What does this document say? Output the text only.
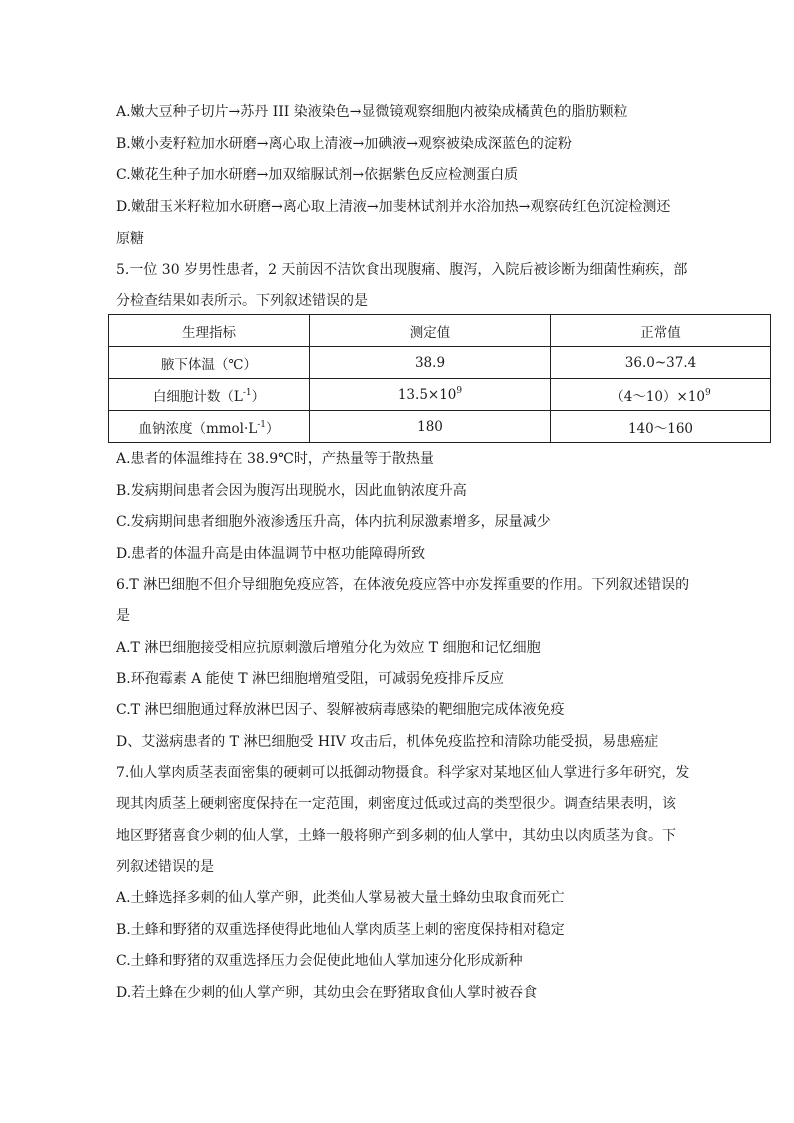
A.嫩大豆种子切片→苏丹 III 染液染色→显微镜观察细胞内被染成橘黄色的脂肪颗粒
B.嫩小麦籽粒加水研磨→离心取上清液→加碘液→观察被染成深蓝色的淀粉
C.嫩花生种子加水研磨→加双缩脲试剂→依据紫色反应检测蛋白质
D.嫩甜玉米籽粒加水研磨→离心取上清液→加斐林试剂并水浴加热→观察砖红色沉淀检测还
原糖
5.一位 30 岁男性患者，2 天前因不洁饮食出现腹痛、腹泻，入院后被诊断为细菌性痢疾，部
分检查结果如表所示。下列叙述错误的是
生理指标	测定值	正常值
腋下体温（℃）	38.9	36.0~37.4
白细胞计数$(L^{-1})$	$13.5\times 10^9$	$(4\sim 10)\times 10^9$
血钠浓度$(mmol\cdot L^{-1})$	180	140～160
A.患者的体温维持在 38.9℃时，产热量等于散热量
B.发病期间患者会因为腹泻出现脱水，因此血钠浓度升高
C.发病期间患者细胞外液渗透压升高，体内抗利尿激素增多，尿量减少
D.患者的体温升高是由体温调节中枢功能障碍所致
6.T 淋巴细胞不但介导细胞免疫应答，在体液免疫应答中亦发挥重要的作用。下列叙述错误的
是
A.T 淋巴细胞接受相应抗原刺激后增殖分化为效应 T 细胞和记忆细胞
B.环孢霉素 A 能使 T 淋巴细胞增殖受阻，可减弱免疫排斥反应
C.T 淋巴细胞通过释放淋巴因子、裂解被病毒感染的靶细胞完成体液免疫
D、艾滋病患者的 T 淋巴细胞受 HIV 攻击后，机体免疫监控和清除功能受损，易患癌症
7.仙人掌肉质茎表面密集的硬刺可以抵御动物摄食。科学家对某地区仙人掌进行多年研究，发
现其肉质茎上硬刺密度保持在一定范围，刺密度过低或过高的类型很少。调查结果表明，该
地区野猪喜食少刺的仙人掌，土蜂一般将卵产到多刺的仙人掌中，其幼虫以肉质茎为食。下
列叙述错误的是
A.土蜂选择多刺的仙人掌产卵，此类仙人掌易被大量土蜂幼虫取食而死亡
B.土蜂和野猪的双重选择使得此地仙人掌肉质茎上刺的密度保持相对稳定
C.土蜂和野猪的双重选择压力会促使此地仙人掌加速分化形成新种
D.若土蜂在少刺的仙人掌产卵，其幼虫会在野猪取食仙人掌时被吞食
